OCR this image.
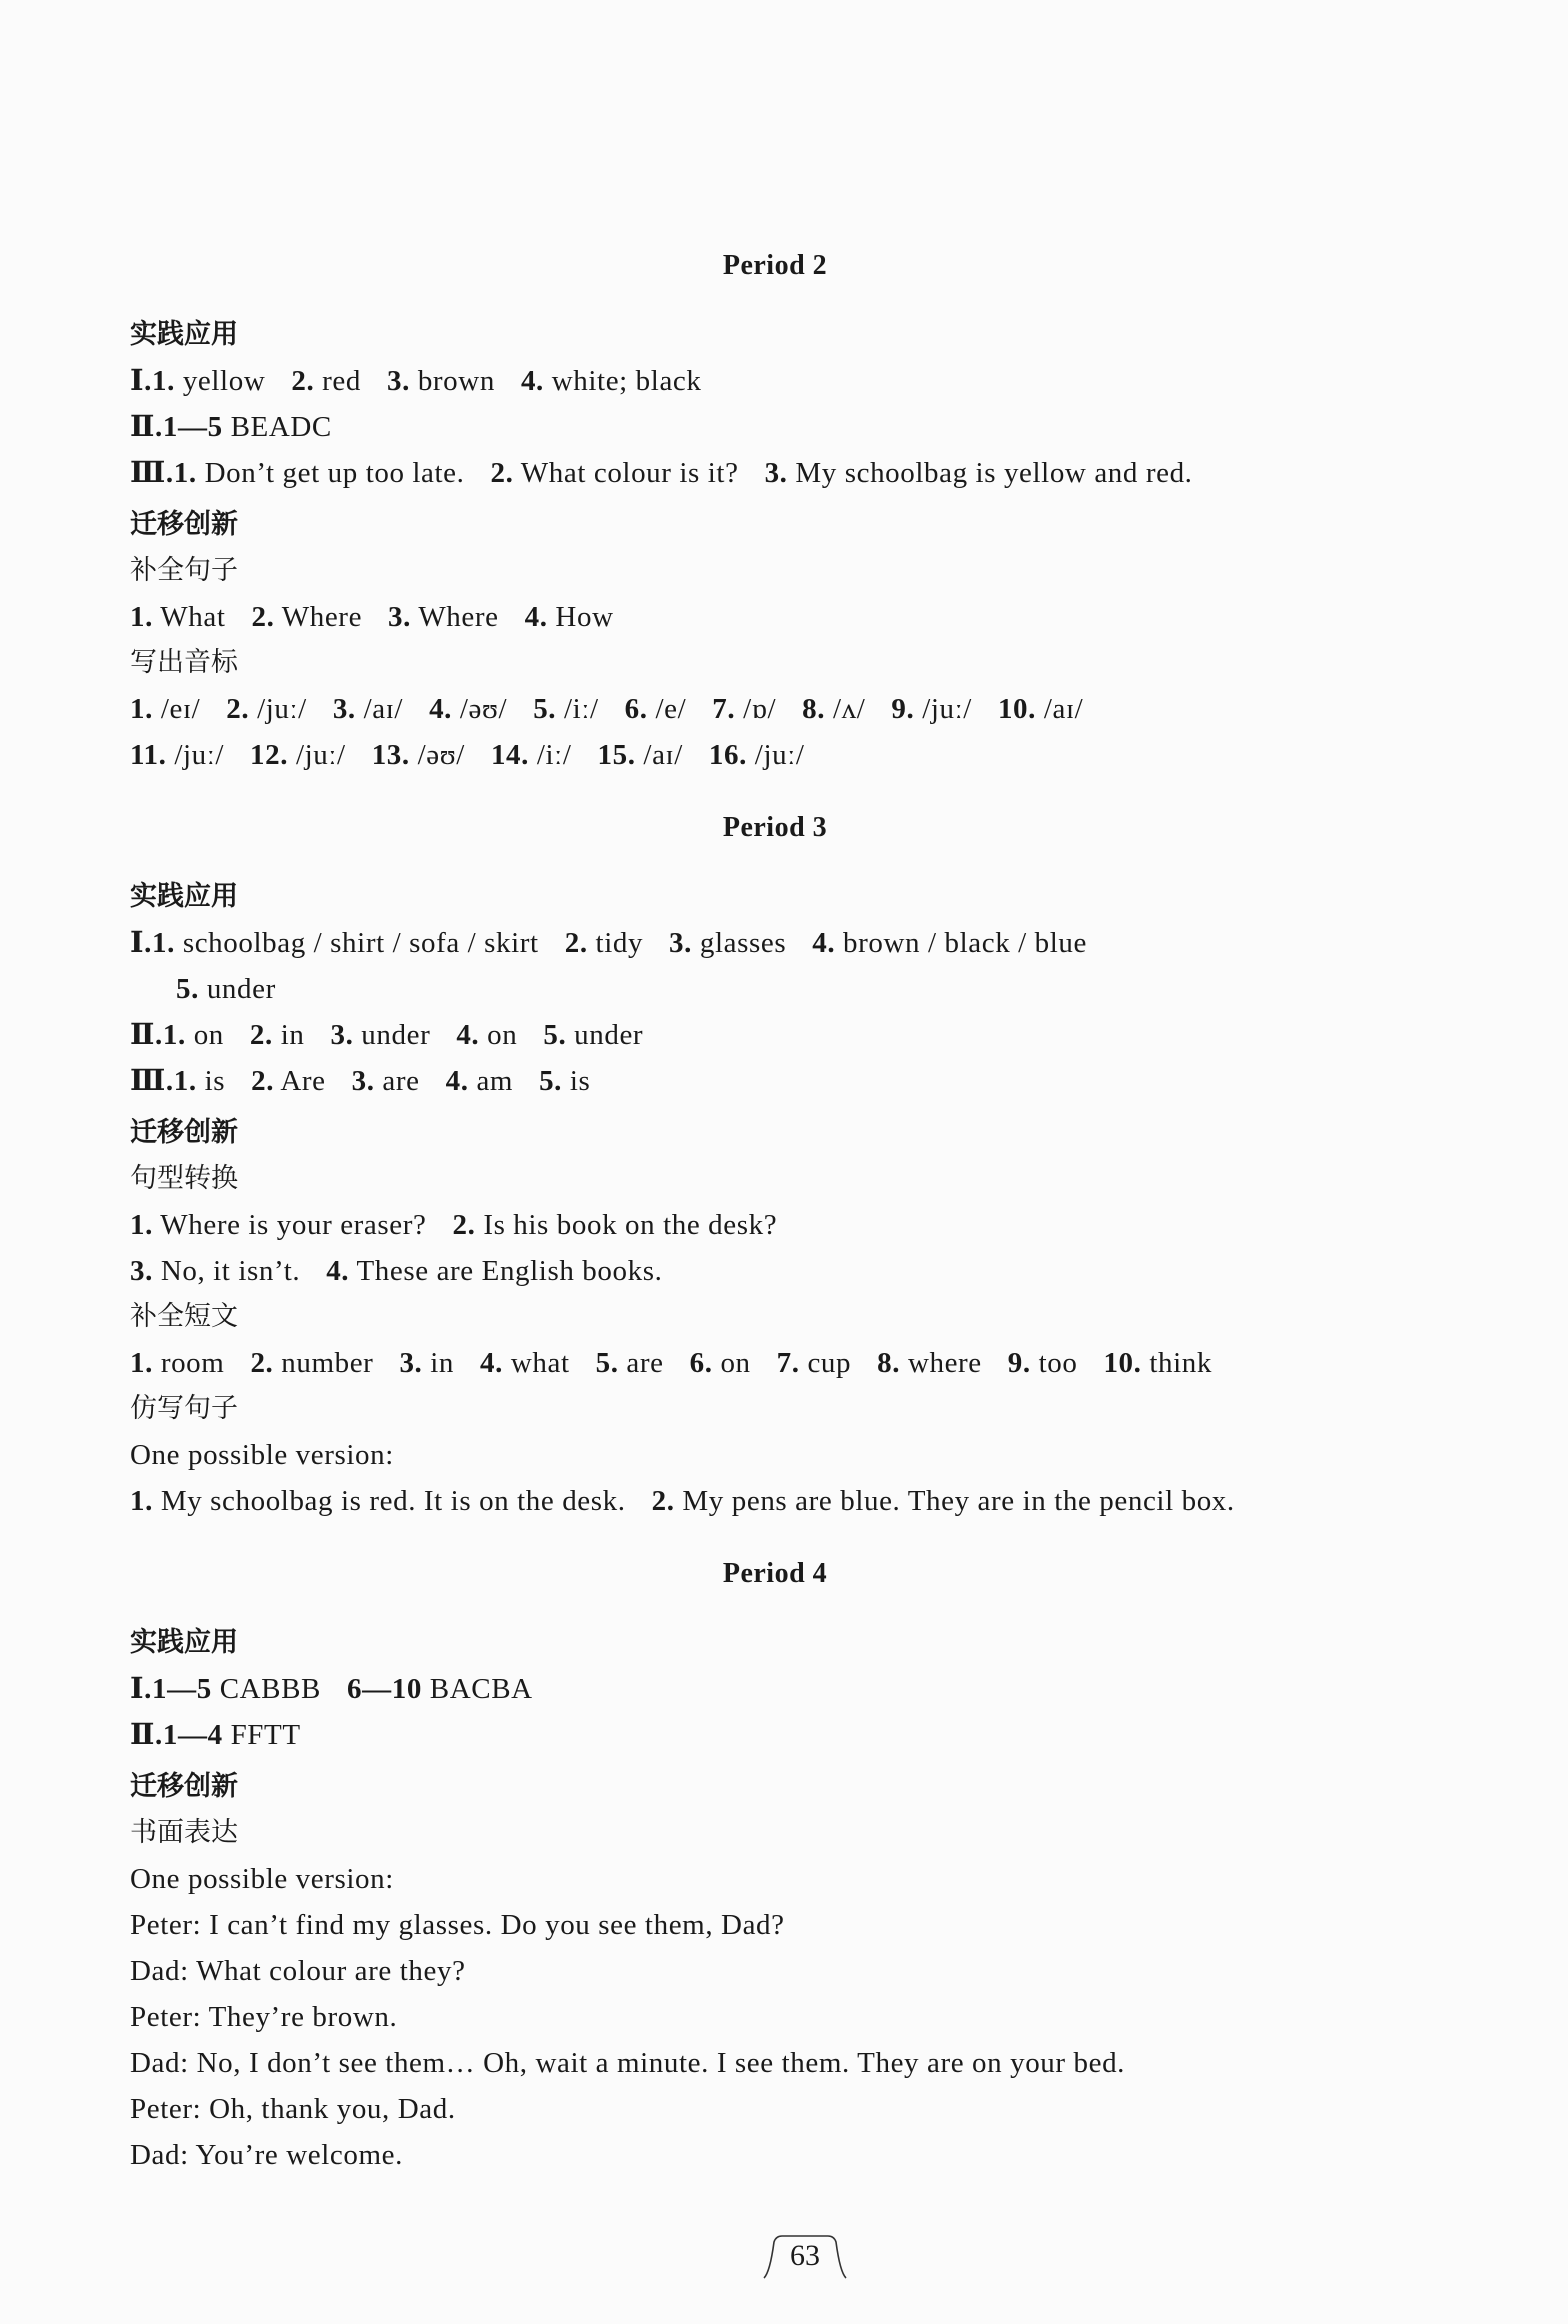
Period 2
实践应用
Ⅰ.1. yellow 2. red 3. brown 4. white; black
Ⅱ.1—5 BEADC
Ⅲ.1. Don’t get up too late. 2. What colour is it? 3. My schoolbag is yellow and red.
迁移创新
补全句子
1. What 2. Where 3. Where 4. How
写出音标
1. /eɪ/ 2. /juː/ 3. /aɪ/ 4. /əʊ/ 5. /iː/ 6. /e/ 7. /ɒ/ 8. /ʌ/ 9. /juː/ 10. /aɪ/
11. /juː/ 12. /juː/ 13. /əʊ/ 14. /iː/ 15. /aɪ/ 16. /juː/
Period 3
实践应用
Ⅰ.1. schoolbag / shirt / sofa / skirt 2. tidy 3. glasses 4. brown / black / blue
5. under
Ⅱ.1. on 2. in 3. under 4. on 5. under
Ⅲ.1. is 2. Are 3. are 4. am 5. is
迁移创新
句型转换
1. Where is your eraser? 2. Is his book on the desk?
3. No, it isn’t. 4. These are English books.
补全短文
1. room 2. number 3. in 4. what 5. are 6. on 7. cup 8. where 9. too 10. think
仿写句子
One possible version:
1. My schoolbag is red. It is on the desk. 2. My pens are blue. They are in the pencil box.
Period 4
实践应用
Ⅰ.1—5 CABBB 6—10 BACBA
Ⅱ.1—4 FFTT
迁移创新
书面表达
One possible version:
Peter: I can’t find my glasses. Do you see them, Dad?
Dad: What colour are they?
Peter: They’re brown.
Dad: No, I don’t see them… Oh, wait a minute. I see them. They are on your bed.
Peter: Oh, thank you, Dad.
Dad: You’re welcome.
63
